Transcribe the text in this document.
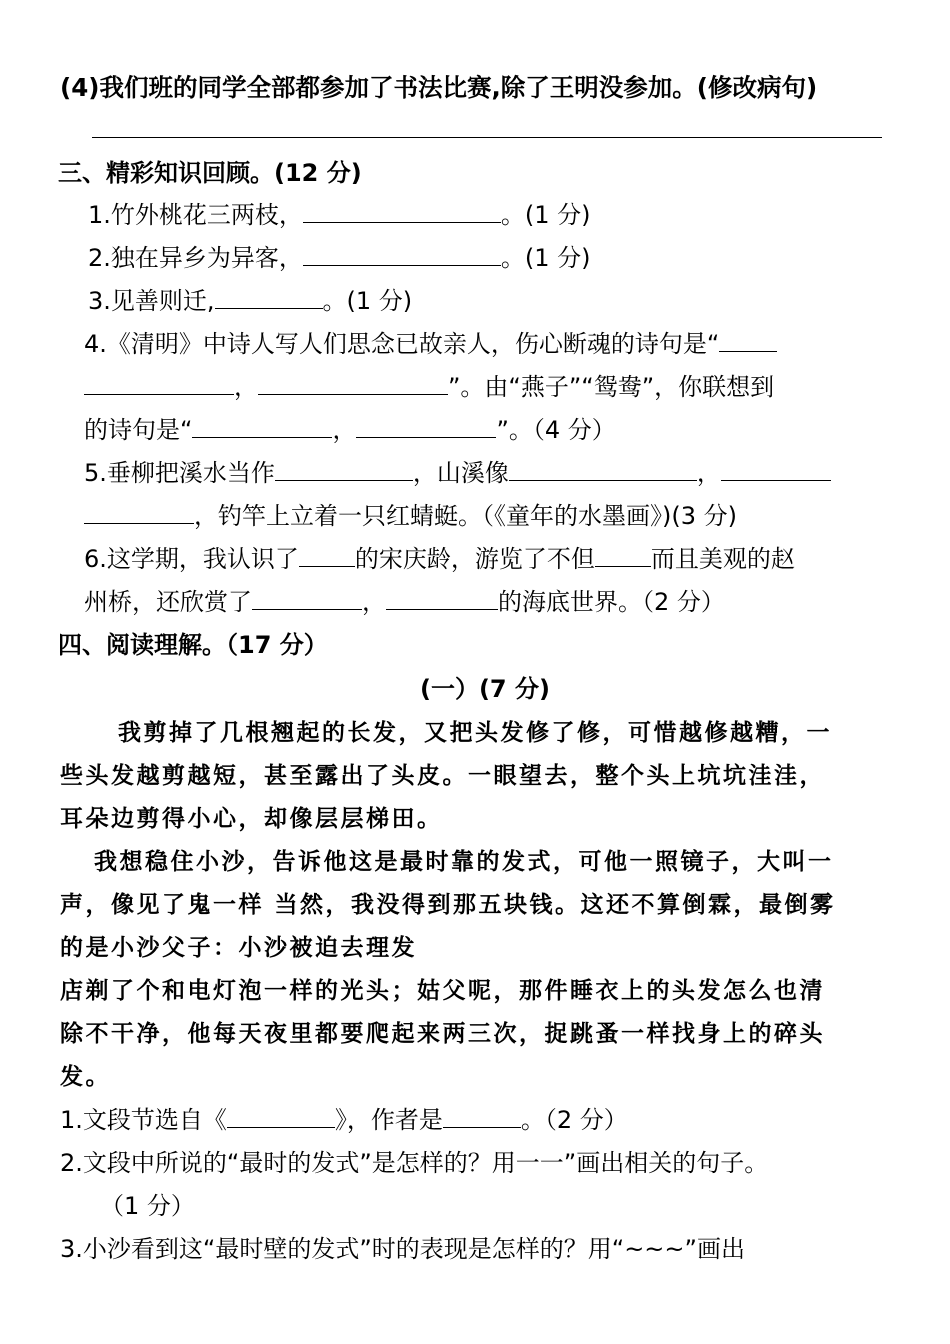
(4)我们班的同学全部都参加了书法比赛,除了王明没参加。(修改病句)
三、精彩知识回顾。(12 分)
1.竹外桃花三两枝，	。(1 分)
2.独在异乡为异客，	。(1 分)
3.见善则迁,	。(1 分)
4.《清明》中诗人写人们思念已故亲人，伤心断魂的诗句是“
，	”。由“燕子”“鸳鸯”，你联想到
的诗句是“	，	”。（4 分）
5.垂柳把溪水当作	，山溪像	，
，钓竿上立着一只红蜻蜓。（《童年的水墨画》)(3 分)
6.这学期，我认识了 的宋庆龄，游览了不但 而且美观的赵
州桥，还欣赏了	，	的海底世界。（2 分）
四、阅读理解。（17 分）
(一）(7 分)
我剪掉了几根翘起的长发，又把头发修了修，可惜越修越糟，一
些头发越剪越短，甚至露出了头皮。一眼望去，整个头上坑坑洼洼，
耳朵边剪得小心，却像层层梯田。
我想稳住小沙，告诉他这是最时靠的发式，可他一照镜子，大叫一
声，像见了鬼一样 当然，我没得到那五块钱。这还不算倒霖，最倒雾
的是小沙父子：小沙被迫去理发
店剃了个和电灯泡一样的光头；姑父呢，那件睡衣上的头发怎么也清
除不干净，他每天夜里都要爬起来两三次，捉跳蚤一样找身上的碎头
发。
1.文段节选自《	》，作者是	。（2 分）
2.文段中所说的“最时的发式”是怎样的？用一一”画出相关的句子。
（1 分）
3.小沙看到这“最时壁的发式”时的表现是怎样的？用“~~~”画出
